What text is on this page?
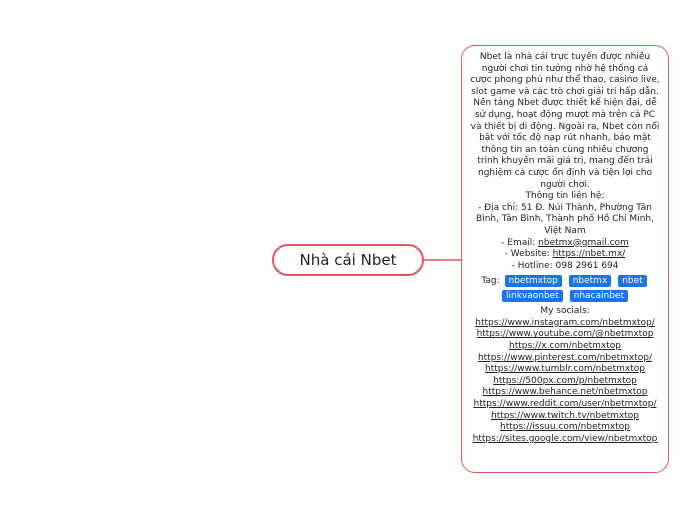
Nhà cái Nbet

Nbet là nhà cái trực tuyến được nhiều người chơi tin tưởng nhờ hệ thống cá cược phong phú như thể thao, casino live, slot game và các trò chơi giải trí hấp dẫn. Nền tảng Nbet được thiết kế hiện đại, dễ sử dụng, hoạt động mượt mà trên cả PC và thiết bị di động. Ngoài ra, Nbet còn nổi bật với tốc độ nạp rút nhanh, bảo mật thông tin an toàn cùng nhiều chương trình khuyến mãi giá trị, mang đến trải nghiệm cá cược ổn định và tiện lợi cho người chơi.

Thông tin liên hệ:

- Địa chỉ: 51 Đ. Núi Thành, Phường Tân Bình, Tân Bình, Thành phố Hồ Chí Minh, Việt Nam

- Email: nbetmx@gmail.com

- Website: https://nbet.mx/

- Hotline: 098 2961 694

Tag: nbetmxtop nbetmx nbet linkvaonbet nhacainbet

My socials:

https://www.instagram.com/nbetmxtop/

https://www.youtube.com/@nbetmxtop

https://x.com/nbetmxtop

https://www.pinterest.com/nbetmxtop/

https://www.tumblr.com/nbetmxtop

https://500px.com/p/nbetmxtop

https://www.behance.net/nbetmxtop

https://www.reddit.com/user/nbetmxtop/

https://www.twitch.tv/nbetmxtop

https://issuu.com/nbetmxtop

https://sites.google.com/view/nbetmxtop
